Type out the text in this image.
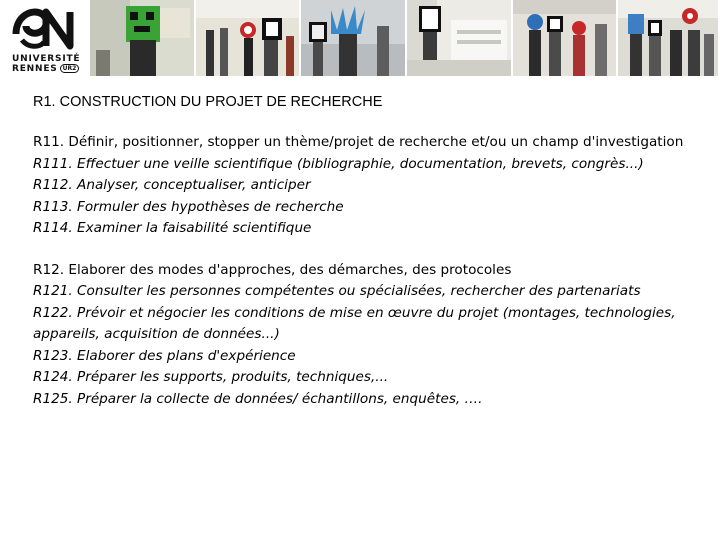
UNIVERSITÉ
RENNES UR2
R1. CONSTRUCTION DU PROJET DE RECHERCHE
R11. Définir, positionner, stopper un thème/projet de recherche et/ou un champ d'investigation
R111. Effectuer une veille scientifique (bibliographie, documentation, brevets, congrès...)
R112. Analyser, conceptualiser, anticiper
R113. Formuler des hypothèses de recherche
R114. Examiner la faisabilité scientifique
R12. Elaborer des modes d'approches, des démarches, des protocoles
R121. Consulter les personnes compétentes ou spécialisées, rechercher des partenariats
R122. Prévoir et négocier les conditions de mise en œuvre du projet (montages, technologies, appareils, acquisition de données...)
R123. Elaborer des plans d'expérience
R124. Préparer les supports, produits, techniques,...
R125. Préparer la collecte de données/ échantillons, enquêtes, ….
